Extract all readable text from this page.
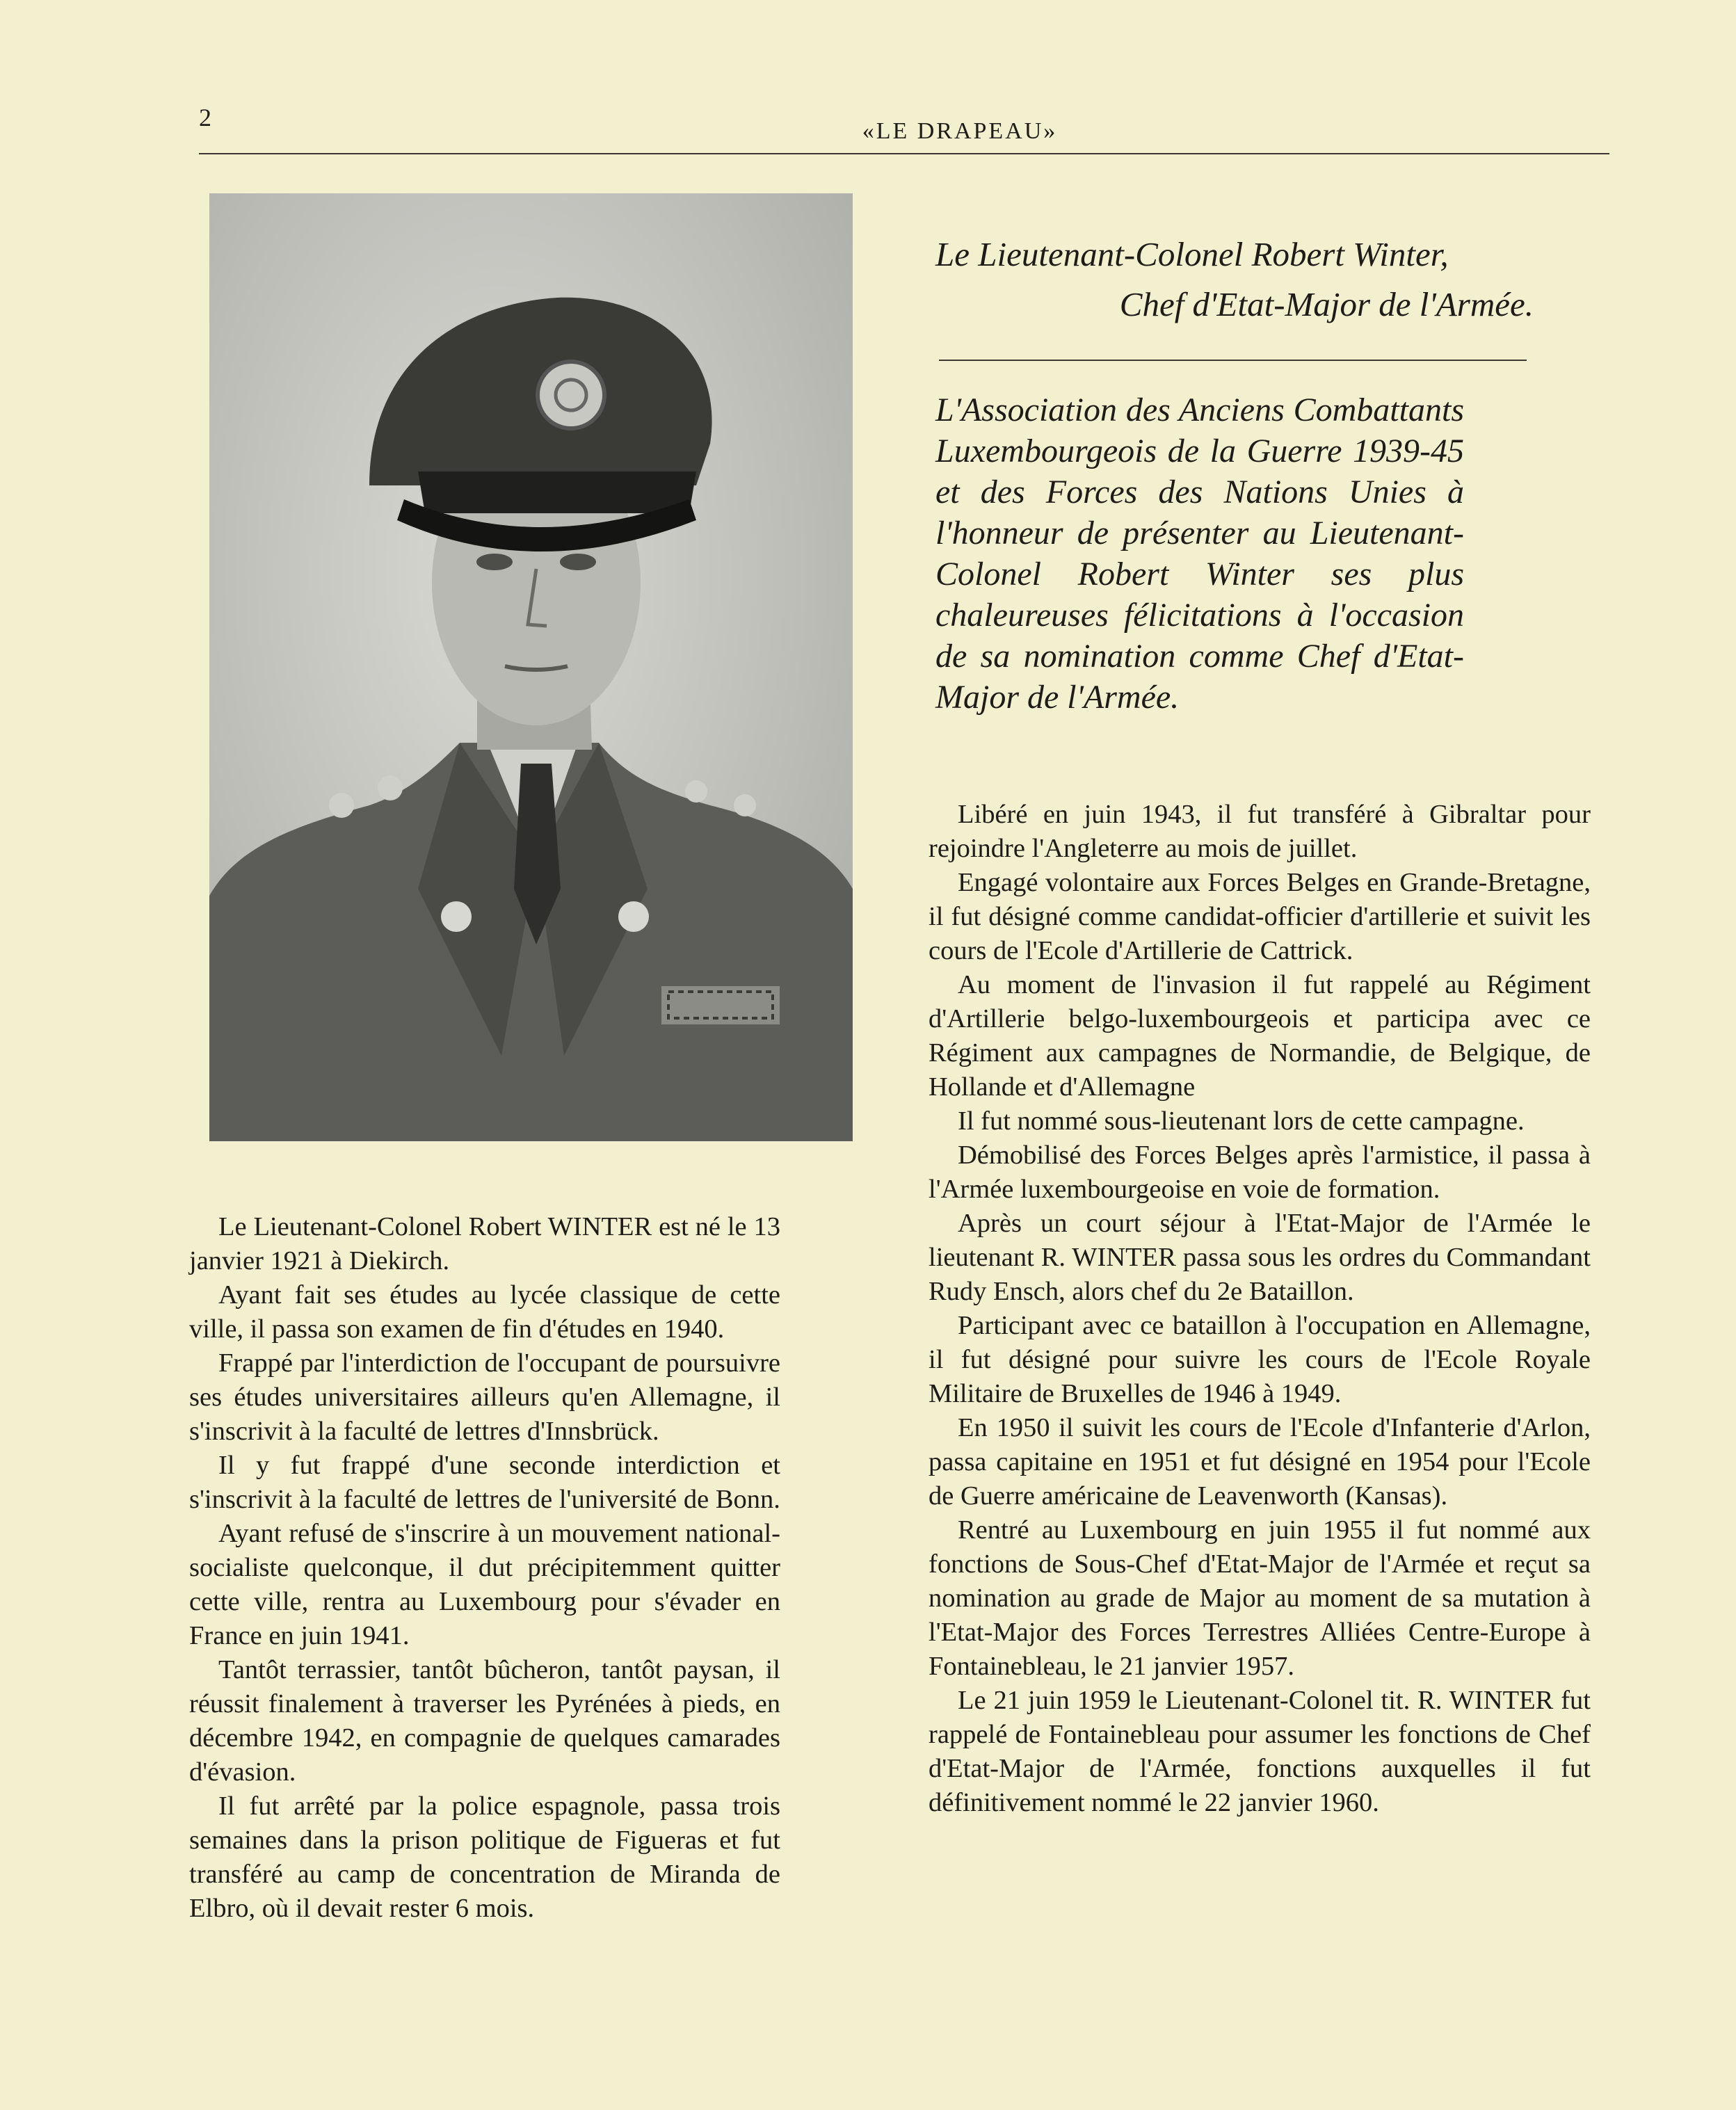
2	«LE DRAPEAU»
Le Lieutenant-Colonel Robert Winter,
Chef d'Etat-Major de l'Armée.
L'Association des Anciens Combattants Luxembourgeois de la Guerre 1939-45 et des Forces des Nations Unies à l'honneur de présenter au Lieutenant-Colonel Robert Winter ses plus chaleureuses félicitations à l'occasion de sa nomination comme Chef d'Etat-Major de l'Armée.

Le Lieutenant-Colonel Robert WINTER est né le 13 janvier 1921 à Diekirch.

Ayant fait ses études au lycée classique de cette ville, il passa son examen de fin d'études en 1940.

Frappé par l'interdiction de l'occupant de poursuivre ses études universitaires ailleurs qu'en Allemagne, il s'inscrivit à la faculté de lettres d'Innsbrück.

Il y fut frappé d'une seconde interdiction et s'inscrivit à la faculté de lettres de l'université de Bonn.

Ayant refusé de s'inscrire à un mouvement national-socialiste quelconque, il dut précipitemment quitter cette ville, rentra au Luxembourg pour s'évader en France en juin 1941.

Tantôt terrassier, tantôt bûcheron, tantôt paysan, il réussit finalement à traverser les Pyrénées à pieds, en décembre 1942, en compagnie de quelques camarades d'évasion.

Il fut arrêté par la police espagnole, passa trois semaines dans la prison politique de Figueras et fut transféré au camp de concentration de Miranda de Elbro, où il devait rester 6 mois.

Libéré en juin 1943, il fut transféré à Gibraltar pour rejoindre l'Angleterre au mois de juillet.

Engagé volontaire aux Forces Belges en Grande-Bretagne, il fut désigné comme candidat-officier d'artillerie et suivit les cours de l'Ecole d'Artillerie de Cattrick.

Au moment de l'invasion il fut rappelé au Régiment d'Artillerie belgo-luxembourgeois et participa avec ce Régiment aux campagnes de Normandie, de Belgique, de Hollande et d'Allemagne

Il fut nommé sous-lieutenant lors de cette campagne.

Démobilisé des Forces Belges après l'armistice, il passa à l'Armée luxembourgeoise en voie de formation.

Après un court séjour à l'Etat-Major de l'Armée le lieutenant R. WINTER passa sous les ordres du Commandant Rudy Ensch, alors chef du 2e Bataillon.

Participant avec ce bataillon à l'occupation en Allemagne, il fut désigné pour suivre les cours de l'Ecole Royale Militaire de Bruxelles de 1946 à 1949.

En 1950 il suivit les cours de l'Ecole d'Infanterie d'Arlon, passa capitaine en 1951 et fut désigné en 1954 pour l'Ecole de Guerre américaine de Leavenworth (Kansas).

Rentré au Luxembourg en juin 1955 il fut nommé aux fonctions de Sous-Chef d'Etat-Major de l'Armée et reçut sa nomination au grade de Major au moment de sa mutation à l'Etat-Major des Forces Terrestres Alliées Centre-Europe à Fontainebleau, le 21 janvier 1957.

Le 21 juin 1959 le Lieutenant-Colonel tit. R. WINTER fut rappelé de Fontainebleau pour assumer les fonctions de Chef d'Etat-Major de l'Armée, fonctions auxquelles il fut définitivement nommé le 22 janvier 1960.
